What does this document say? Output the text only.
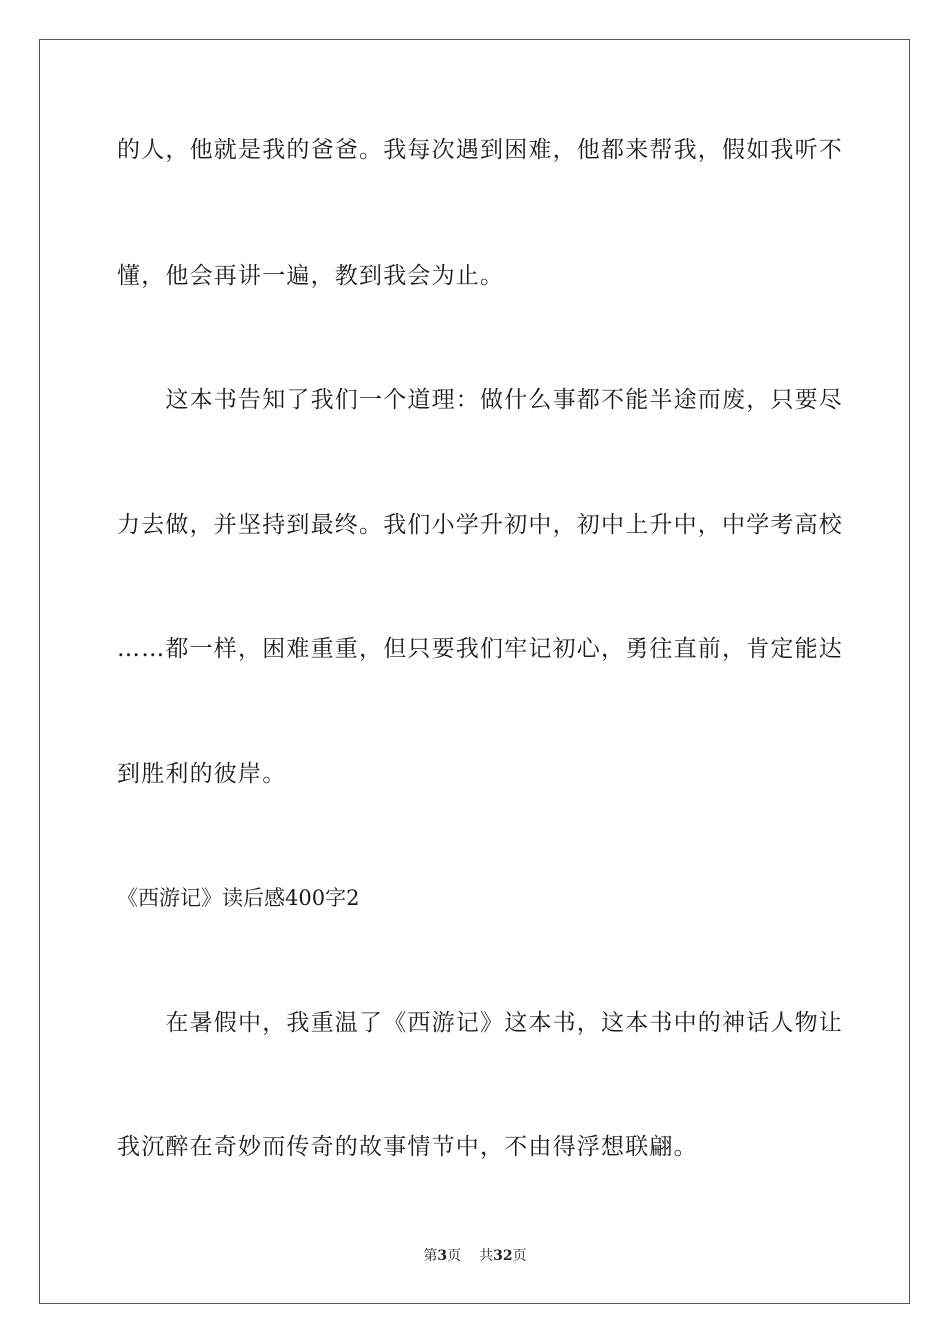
的人，他就是我的爸爸。我每次遇到困难，他都来帮我，假如我听不
懂，他会再讲一遍，教到我会为止。
　　这本书告知了我们一个道理：做什么事都不能半途而废，只要尽
力去做，并坚持到最终。我们小学升初中，初中上升中，中学考高校
……都一样，困难重重，但只要我们牢记初心，勇往直前，肯定能达
到胜利的彼岸。
《西游记》读后感400字2
　　在暑假中，我重温了《西游记》这本书，这本书中的神话人物让
我沉醉在奇妙而传奇的故事情节中，不由得浮想联翩。
第3页 共32页
